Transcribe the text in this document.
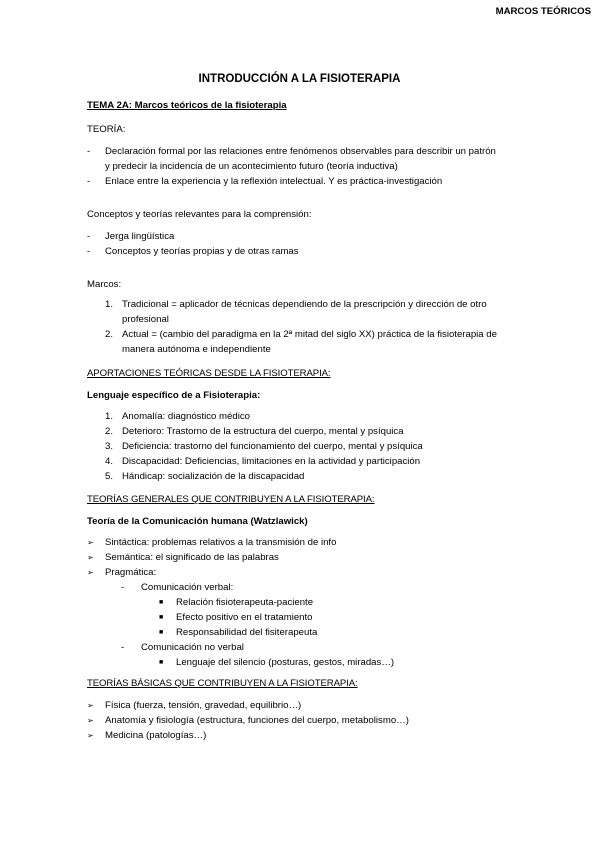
MARCOS TEÓRICOS
INTRODUCCIÓN A LA FISIOTERAPIA
TEMA 2A: Marcos teóricos de la fisioterapia
TEORÍA:
- Declaración formal por las relaciones entre fenómenos observables para describir un patrón y predecir la incidencia de un acontecimiento futuro (teoría inductiva)
- Enlace entre la experiencia y la reflexión intelectual. Y es práctica-investigación
Conceptos y teorías relevantes para la comprensión:
- Jerga lingüística
- Conceptos y teorías propias y de otras ramas
Marcos:
1. Tradicional = aplicador de técnicas dependiendo de la prescripción y dirección de otro profesional
2. Actual = (cambio del paradigma en la 2ª mitad del siglo XX) práctica de la fisioterapia de manera autónoma e independiente
APORTACIONES TEÓRICAS DESDE LA FISIOTERAPIA:
Lenguaje específico de a Fisioterapia:
1. Anomalía: diagnóstico médico
2. Deterioro: Trastorno de la estructura del cuerpo, mental y psíquica
3. Deficiencia: trastorno del funcionamiento del cuerpo, mental y psíquica
4. Discapacidad: Deficiencias, limitaciones en la actividad y participación
5. Hándicap: socialización de la discapacidad
TEORÍAS GENERALES QUE CONTRIBUYEN A LA FISIOTERAPIA:
Teoría de la Comunicación humana (Watzlawick)
➢ Sintáctica: problemas relativos a la transmisión de info
➢ Semántica: el significado de las palabras
➢ Pragmática:
- Comunicación verbal:
■ Relación fisioterapeuta-paciente
■ Efecto positivo en el tratamiento
■ Responsabilidad del fisiterapeuta
- Comunicación no verbal
■ Lenguaje del silencio (posturas, gestos, miradas…)
TEORÍAS BÁSICAS QUE CONTRIBUYEN A LA FISIOTERAPIA:
➢ Física (fuerza, tensión, gravedad, equilibrio…)
➢ Anatomía y fisiología (estructura, funciones del cuerpo, metabolismo…)
➢ Medicina (patologías…)
